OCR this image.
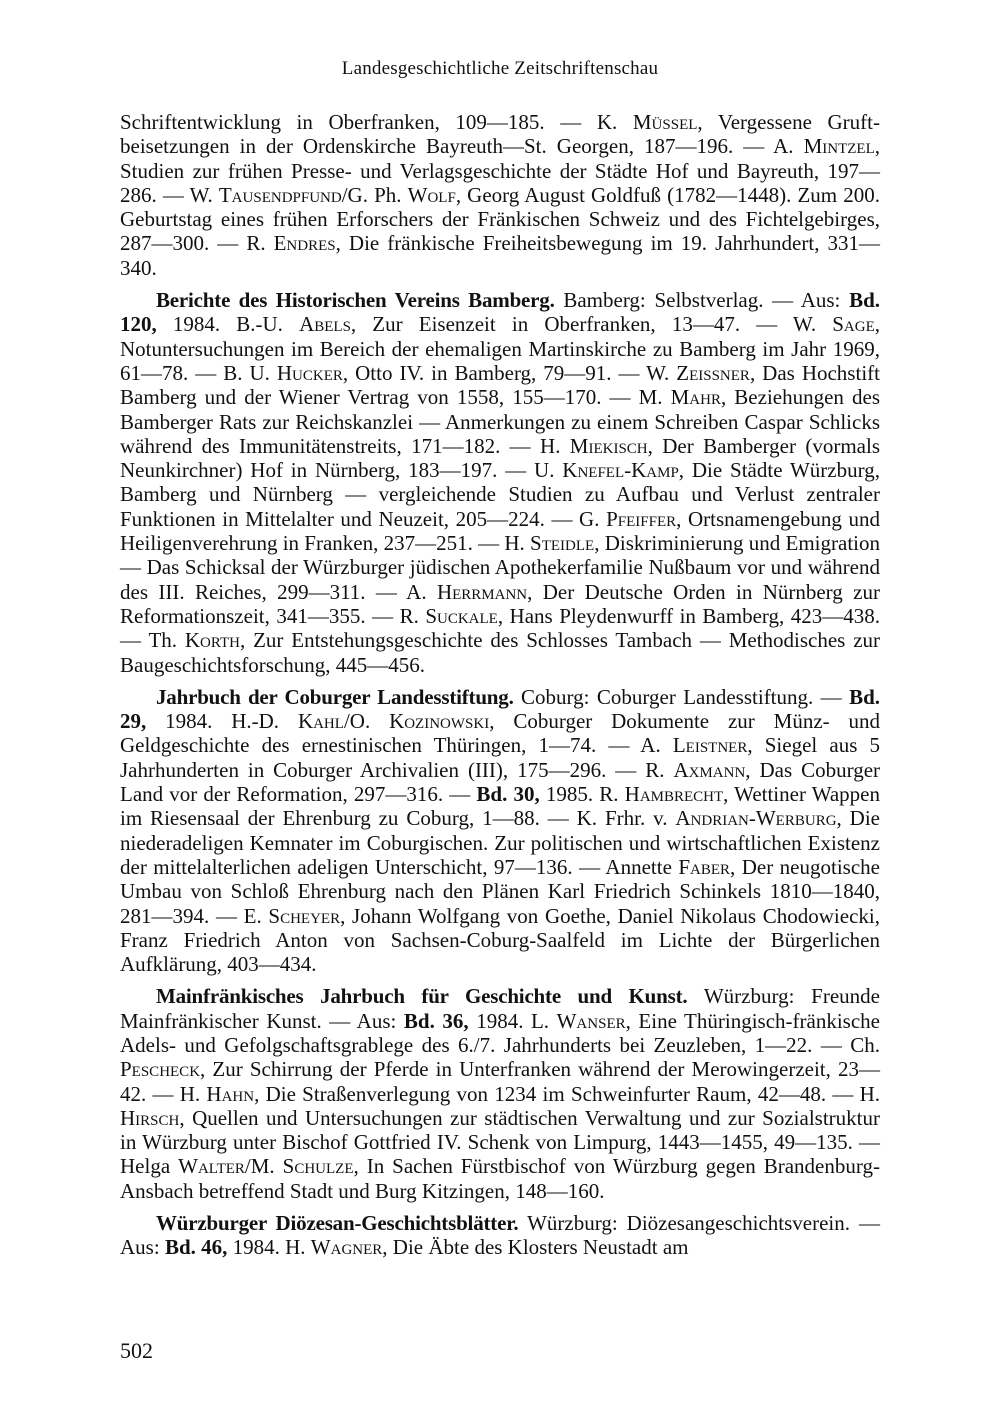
Landesgeschichtliche Zeitschriftenschau

Schriftentwicklung in Oberfranken, 109—185. — K. Müssel, Vergessene Gruftbeisetzungen in der Ordenskirche Bayreuth—St. Georgen, 187—196. — A. Mintzel, Studien zur frühen Presse- und Verlagsgeschichte der Städte Hof und Bayreuth, 197—286. — W. Tausendpfund/G. Ph. Wolf, Georg August Goldfuß (1782—1448). Zum 200. Geburtstag eines frühen Erforschers der Fränkischen Schweiz und des Fichtelgebirges, 287—300. — R. Endres, Die fränkische Freiheitsbewegung im 19. Jahrhundert, 331—340.

Berichte des Historischen Vereins Bamberg. Bamberg: Selbstverlag. — Aus: Bd. 120, 1984. B.-U. Abels, Zur Eisenzeit in Oberfranken, 13—47. — W. Sage, Notuntersuchungen im Bereich der ehemaligen Martinskirche zu Bamberg im Jahr 1969, 61—78. — B. U. Hucker, Otto IV. in Bamberg, 79—91. — W. Zeissner, Das Hochstift Bamberg und der Wiener Vertrag von 1558, 155—170. — M. Mahr, Beziehungen des Bamberger Rats zur Reichskanzlei — Anmerkungen zu einem Schreiben Caspar Schlicks während des Immunitätenstreits, 171—182. — H. Miekisch, Der Bamberger (vormals Neunkirchner) Hof in Nürnberg, 183—197. — U. Knefel-Kamp, Die Städte Würzburg, Bamberg und Nürnberg — vergleichende Studien zu Aufbau und Verlust zentraler Funktionen in Mittelalter und Neuzeit, 205—224. — G. Pfeiffer, Ortsnamengebung und Heiligenverehrung in Franken, 237—251. — H. Steidle, Diskriminierung und Emigration — Das Schicksal der Würzburger jüdischen Apothekerfamilie Nußbaum vor und während des III. Reiches, 299—311. — A. Herrmann, Der Deutsche Orden in Nürnberg zur Reformationszeit, 341—355. — R. Suckale, Hans Pleydenwurff in Bamberg, 423—438. — Th. Korth, Zur Entstehungsgeschichte des Schlosses Tambach — Methodisches zur Baugeschichtsforschung, 445—456.

Jahrbuch der Coburger Landesstiftung. Coburg: Coburger Landesstiftung. — Bd. 29, 1984. H.-D. Kahl/O. Kozinowski, Coburger Dokumente zur Münz- und Geldgeschichte des ernestinischen Thüringen, 1—74. — A. Leistner, Siegel aus 5 Jahrhunderten in Coburger Archivalien (III), 175—296. — R. Axmann, Das Coburger Land vor der Reformation, 297—316. — Bd. 30, 1985. R. Hambrecht, Wettiner Wappen im Riesensaal der Ehrenburg zu Coburg, 1—88. — K. Frhr. v. Andrian-Werburg, Die niederadeligen Kemnater im Coburgischen. Zur politischen und wirtschaftlichen Existenz der mittelalterlichen adeligen Unterschicht, 97—136. — Annette Faber, Der neugotische Umbau von Schloß Ehrenburg nach den Plänen Karl Friedrich Schinkels 1810—1840, 281—394. — E. Scheyer, Johann Wolfgang von Goethe, Daniel Nikolaus Chodowiecki, Franz Friedrich Anton von Sachsen-Coburg-Saalfeld im Lichte der Bürgerlichen Aufklärung, 403—434.

Mainfränkisches Jahrbuch für Geschichte und Kunst. Würzburg: Freunde Mainfränkischer Kunst. — Aus: Bd. 36, 1984. L. Wanser, Eine Thüringisch-fränkische Adels- und Gefolgschaftsgrablege des 6./7. Jahrhunderts bei Zeuzleben, 1—22. — Ch. Pescheck, Zur Schirrung der Pferde in Unterfranken während der Merowingerzeit, 23—42. — H. Hahn, Die Straßenverlegung von 1234 im Schweinfurter Raum, 42—48. — H. Hirsch, Quellen und Untersuchungen zur städtischen Verwaltung und zur Sozialstruktur in Würzburg unter Bischof Gottfried IV. Schenk von Limpurg, 1443—1455, 49—135. — Helga Walter/M. Schulze, In Sachen Fürstbischof von Würzburg gegen Brandenburg-Ansbach betreffend Stadt und Burg Kitzingen, 148—160.

Würzburger Diözesan-Geschichtsblätter. Würzburg: Diözesangeschichtsverein. — Aus: Bd. 46, 1984. H. Wagner, Die Äbte des Klosters Neustadt am

502
